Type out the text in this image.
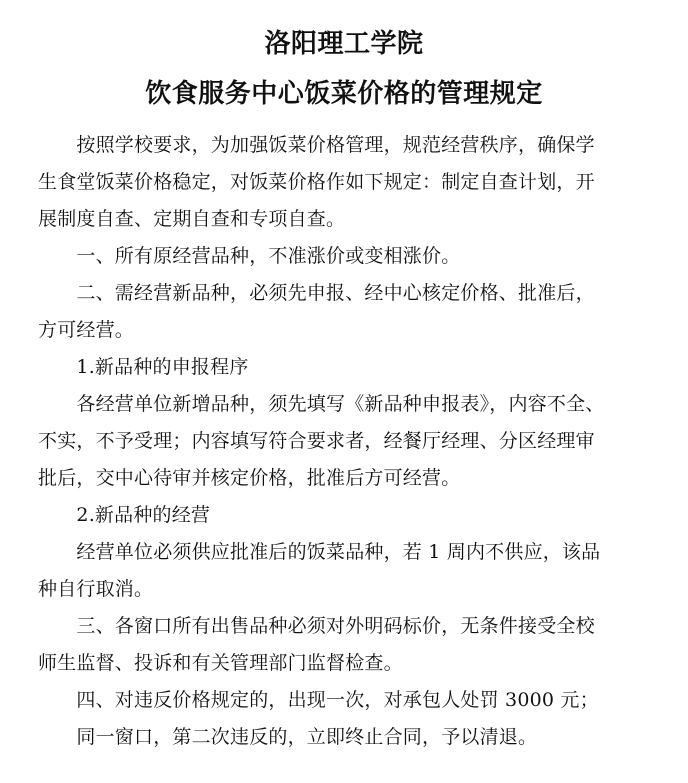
洛阳理工学院
饮食服务中心饭菜价格的管理规定
　　按照学校要求，为加强饭菜价格管理，规范经营秩序，确保学
生食堂饭菜价格稳定，对饭菜价格作如下规定：制定自查计划，开
展制度自查、定期自查和专项自查。
　　一、所有原经营品种，不准涨价或变相涨价。
　　二、需经营新品种，必须先申报、经中心核定价格、批准后，
方可经营。
　　1.新品种的申报程序
　　各经营单位新增品种，须先填写《新品种申报表》，内容不全、
不实，不予受理；内容填写符合要求者，经餐厅经理、分区经理审
批后，交中心待审并核定价格，批准后方可经营。
　　2.新品种的经营
　　经营单位必须供应批准后的饭菜品种，若 1 周内不供应，该品
种自行取消。
　　三、各窗口所有出售品种必须对外明码标价，无条件接受全校
师生监督、投诉和有关管理部门监督检查。
　　四、对违反价格规定的，出现一次，对承包人处罚 3000 元；
　　同一窗口，第二次违反的，立即终止合同，予以清退。
